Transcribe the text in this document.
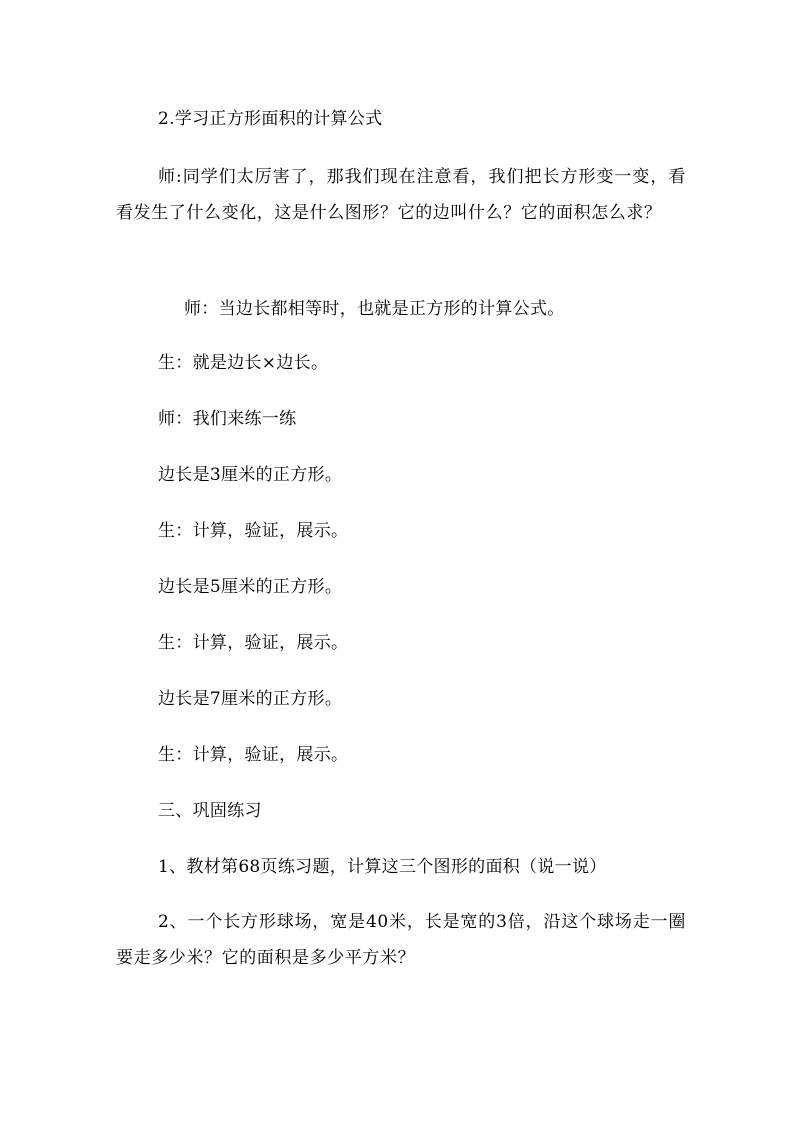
2.学习正方形面积的计算公式
师:同学们太厉害了，那我们现在注意看，我们把长方形变一变，看看发生了什么变化，这是什么图形？它的边叫什么？它的面积怎么求？
师：当边长都相等时，也就是正方形的计算公式。
生：就是边长×边长。
师：我们来练一练
边长是3厘米的正方形。
生：计算，验证，展示。
边长是5厘米的正方形。
生：计算，验证，展示。
边长是7厘米的正方形。
生：计算，验证，展示。
三、巩固练习
1、教材第68页练习题，计算这三个图形的面积（说一说）
2、一个长方形球场，宽是40米，长是宽的3倍，沿这个球场走一圈要走多少米？它的面积是多少平方米？
